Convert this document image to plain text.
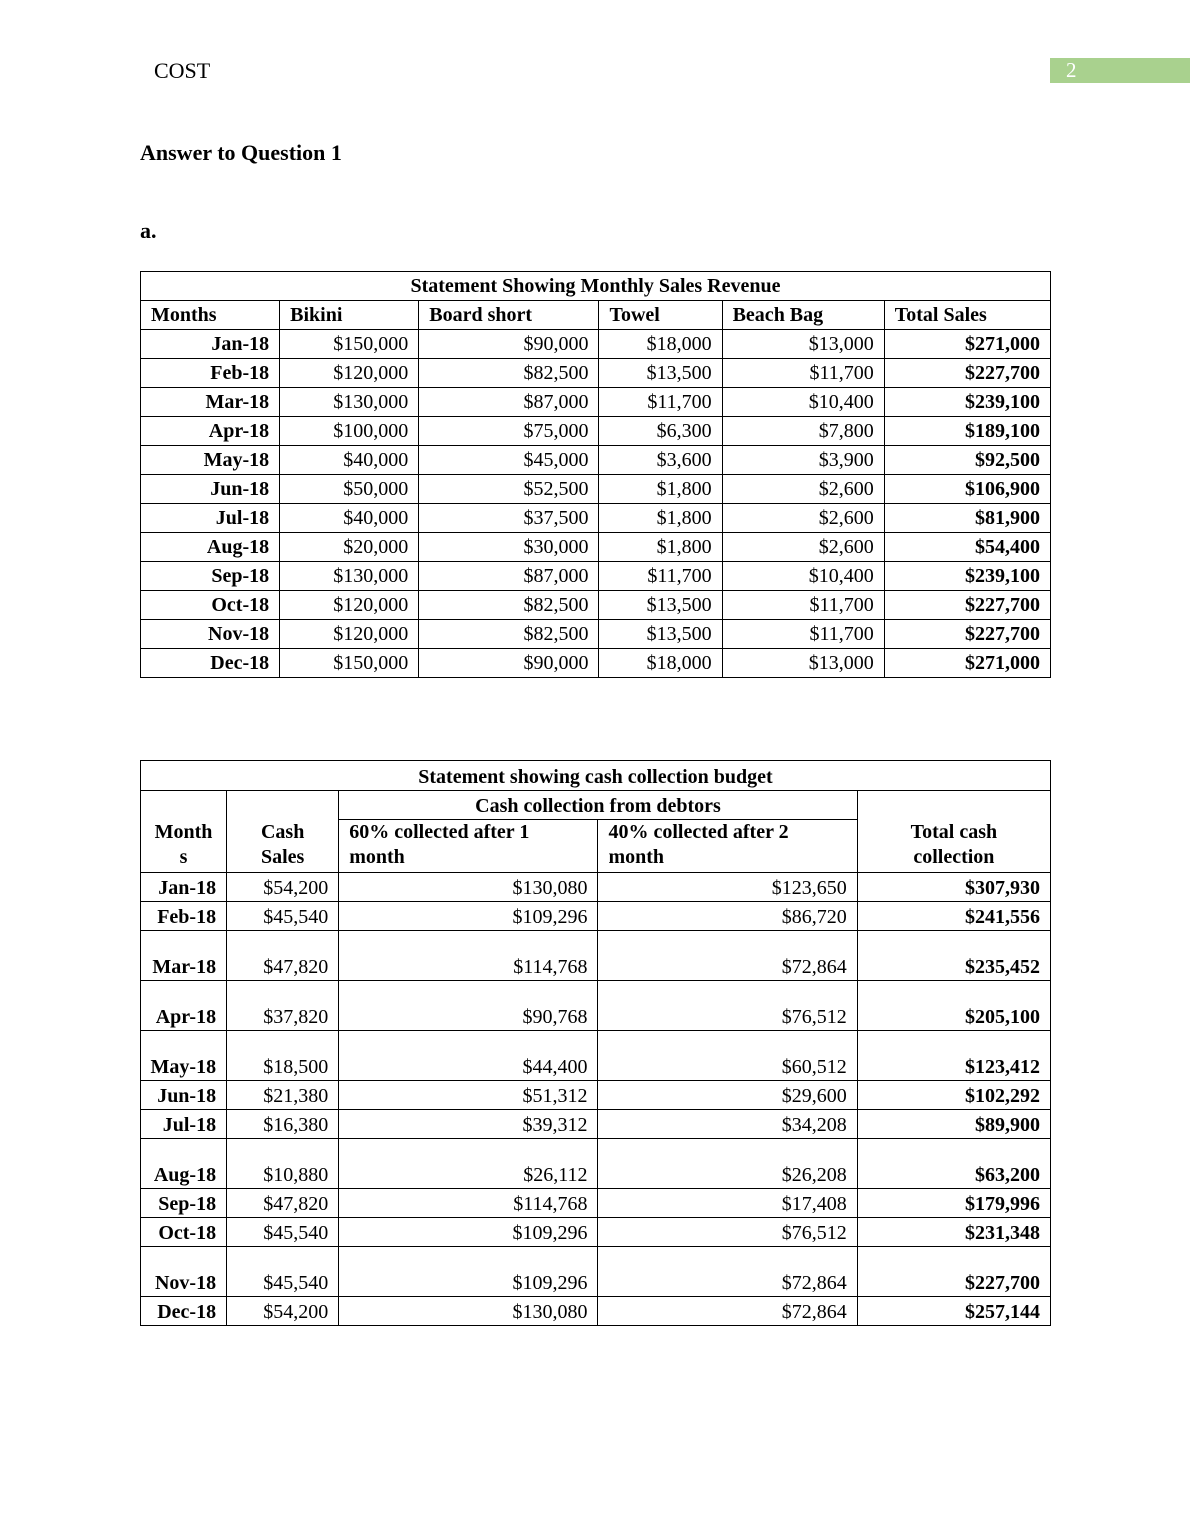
COST	2
Answer to Question 1
a.
Statement Showing Monthly Sales Revenue					
Months	Bikini	Board short	Towel	Beach Bag	Total Sales
Jan-18	$150,000	$90,000	$18,000	$13,000	$271,000
Feb-18	$120,000	$82,500	$13,500	$11,700	$227,700
Mar-18	$130,000	$87,000	$11,700	$10,400	$239,100
Apr-18	$100,000	$75,000	$6,300	$7,800	$189,100
May-18	$40,000	$45,000	$3,600	$3,900	$92,500
Jun-18	$50,000	$52,500	$1,800	$2,600	$106,900
Jul-18	$40,000	$37,500	$1,800	$2,600	$81,900
Aug-18	$20,000	$30,000	$1,800	$2,600	$54,400
Sep-18	$130,000	$87,000	$11,700	$10,400	$239,100
Oct-18	$120,000	$82,500	$13,500	$11,700	$227,700
Nov-18	$120,000	$82,500	$13,500	$11,700	$227,700
Dec-18	$150,000	$90,000	$18,000	$13,000	$271,000
Statement showing cash collection budget				
Month s	Cash Sales	Cash collection from debtors		Total cash collection
		60% collected after 1 month	40% collected after 2 month	
Jan-18	$54,200	$130,080	$123,650	$307,930
Feb-18	$45,540	$109,296	$86,720	$241,556
Mar-18	$47,820	$114,768	$72,864	$235,452
Apr-18	$37,820	$90,768	$76,512	$205,100
May-18	$18,500	$44,400	$60,512	$123,412
Jun-18	$21,380	$51,312	$29,600	$102,292
Jul-18	$16,380	$39,312	$34,208	$89,900
Aug-18	$10,880	$26,112	$26,208	$63,200
Sep-18	$47,820	$114,768	$17,408	$179,996
Oct-18	$45,540	$109,296	$76,512	$231,348
Nov-18	$45,540	$109,296	$72,864	$227,700
Dec-18	$54,200	$130,080	$72,864	$257,144
